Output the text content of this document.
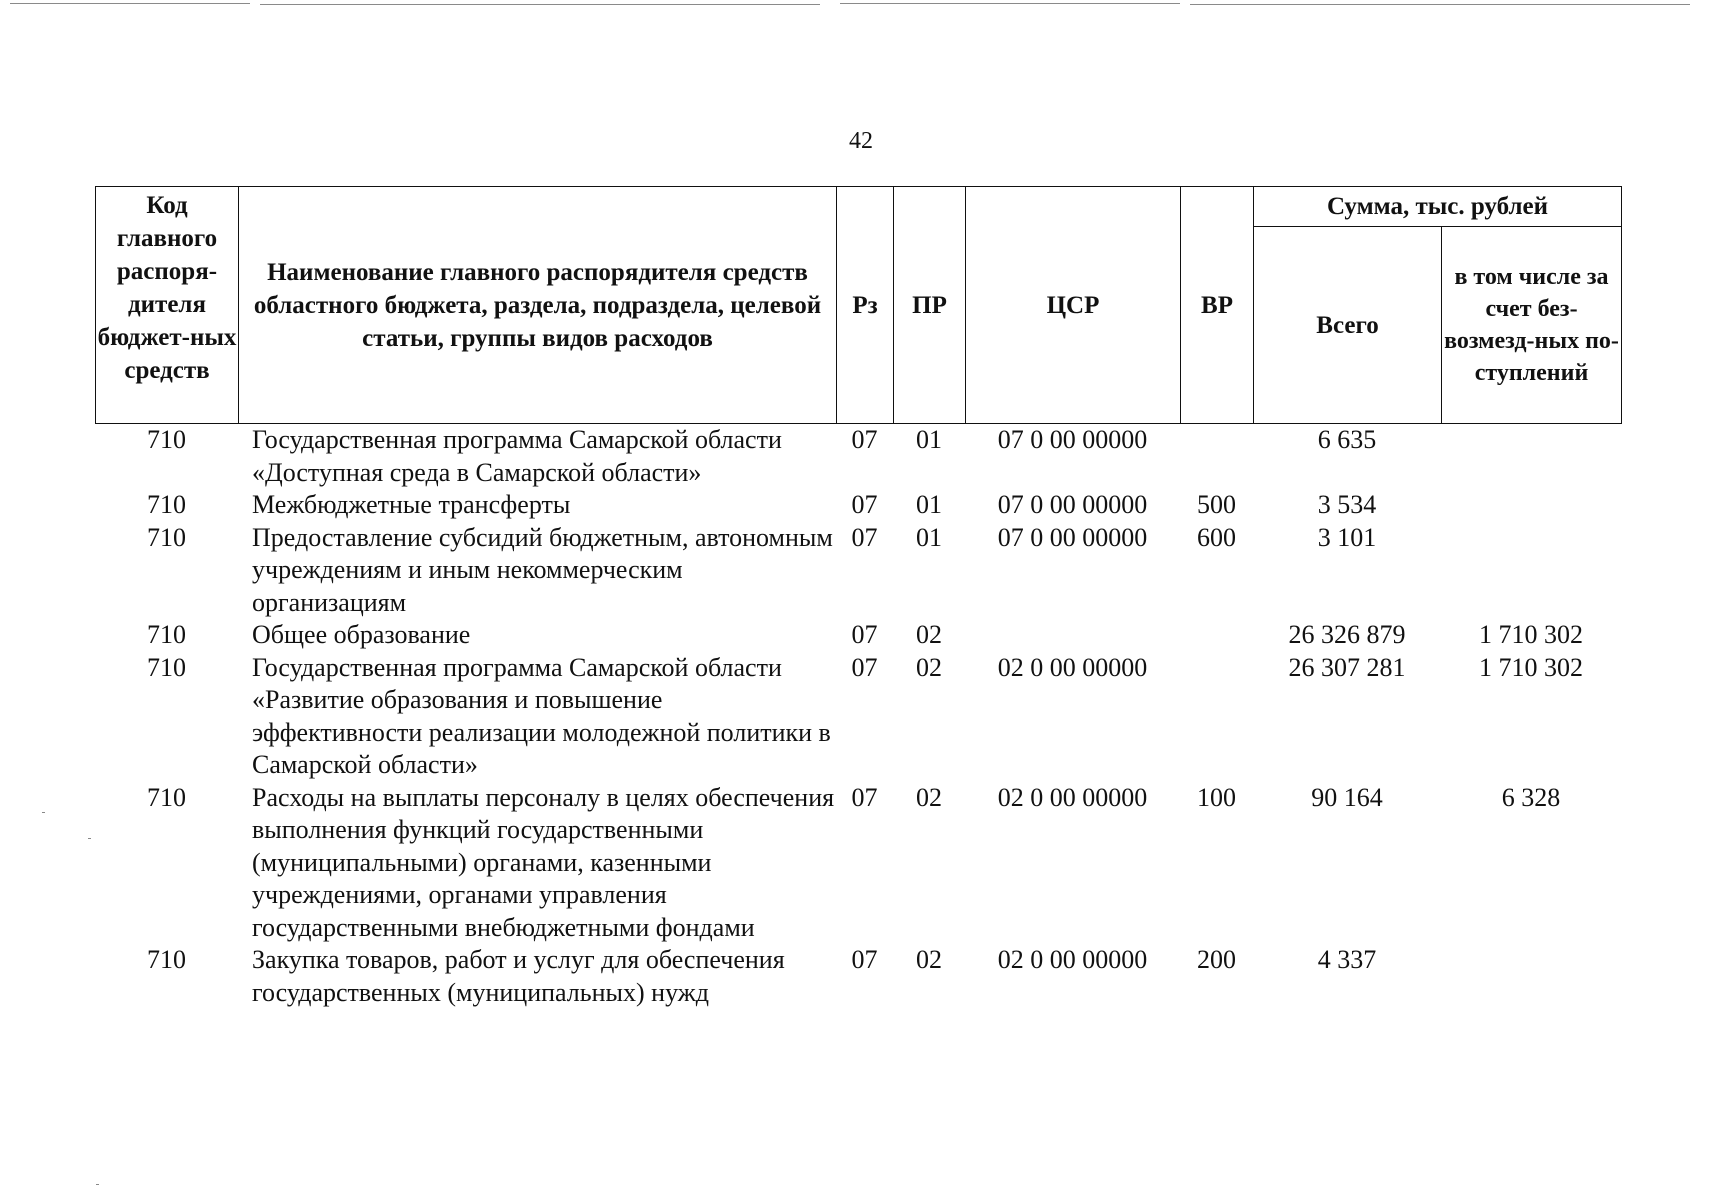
42
Код главного распоря-дителя бюджет-ных средств	Наименование главного распорядителя средств областного бюджета, раздела, подраздела, целевой статьи, группы видов расходов	Рз	ПР	ЦСР	ВР	Сумма, тыс. рублей	
						Всего	в том числе за счет без-возмезд-ных по-ступлений
710	Государственная программа Самарской области «Доступная среда в Самарской области»	07	01	07 0 00 00000		6 635	
710	Межбюджетные трансферты	07	01	07 0 00 00000	500	3 534	
710	Предоставление субсидий бюджетным, автономным учреждениям и иным некоммерческим организациям	07	01	07 0 00 00000	600	3 101	
710	Общее образование	07	02			26 326 879	1 710 302
710	Государственная программа Самарской области «Развитие образования и повышение эффективности реализации молодежной политики в Самарской области»	07	02	02 0 00 00000		26 307 281	1 710 302
710	Расходы на выплаты персоналу в целях обеспечения выполнения функций государственными (муниципальными) органами, казенными учреждениями, органами управления государственными внебюджетными фондами	07	02	02 0 00 00000	100	90 164	6 328
710	Закупка товаров, работ и услуг для обеспечения государственных (муниципальных) нужд	07	02	02 0 00 00000	200	4 337	
